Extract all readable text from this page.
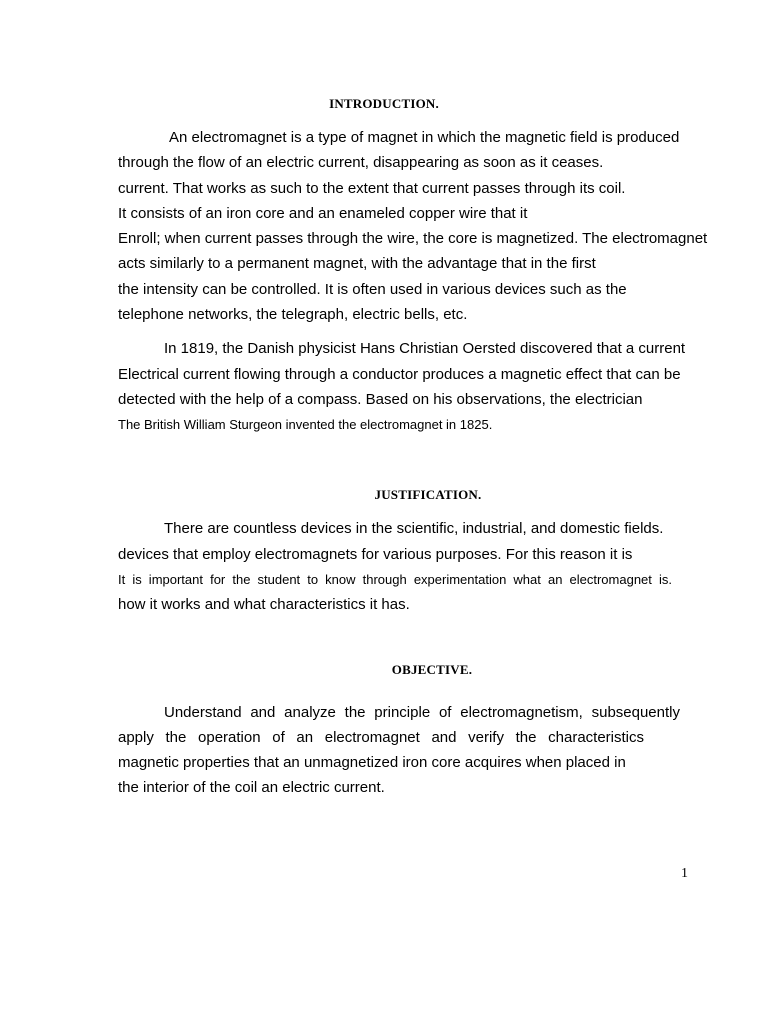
INTRODUCTION.
An electromagnet is a type of magnet in which the magnetic field is produced
through the flow of an electric current, disappearing as soon as it ceases.
current. That works as such to the extent that current passes through its coil.
It consists of an iron core and an enameled copper wire that it
Enroll; when current passes through the wire, the core is magnetized. The electromagnet
acts similarly to a permanent magnet, with the advantage that in the first
the intensity can be controlled. It is often used in various devices such as the
telephone networks, the telegraph, electric bells, etc.
In 1819, the Danish physicist Hans Christian Oersted discovered that a current
Electrical current flowing through a conductor produces a magnetic effect that can be
detected with the help of a compass. Based on his observations, the electrician
The British William Sturgeon invented the electromagnet in 1825.
JUSTIFICATION.
There are countless devices in the scientific, industrial, and domestic fields.
devices that employ electromagnets for various purposes. For this reason it is
It is important for the student to know through experimentation what an electromagnet is.
how it works and what characteristics it has.
OBJECTIVE.
Understand and analyze the principle of electromagnetism, subsequently
apply the operation of an electromagnet and verify the characteristics
magnetic properties that an unmagnetized iron core acquires when placed in
the interior of the coil an electric current.
1
